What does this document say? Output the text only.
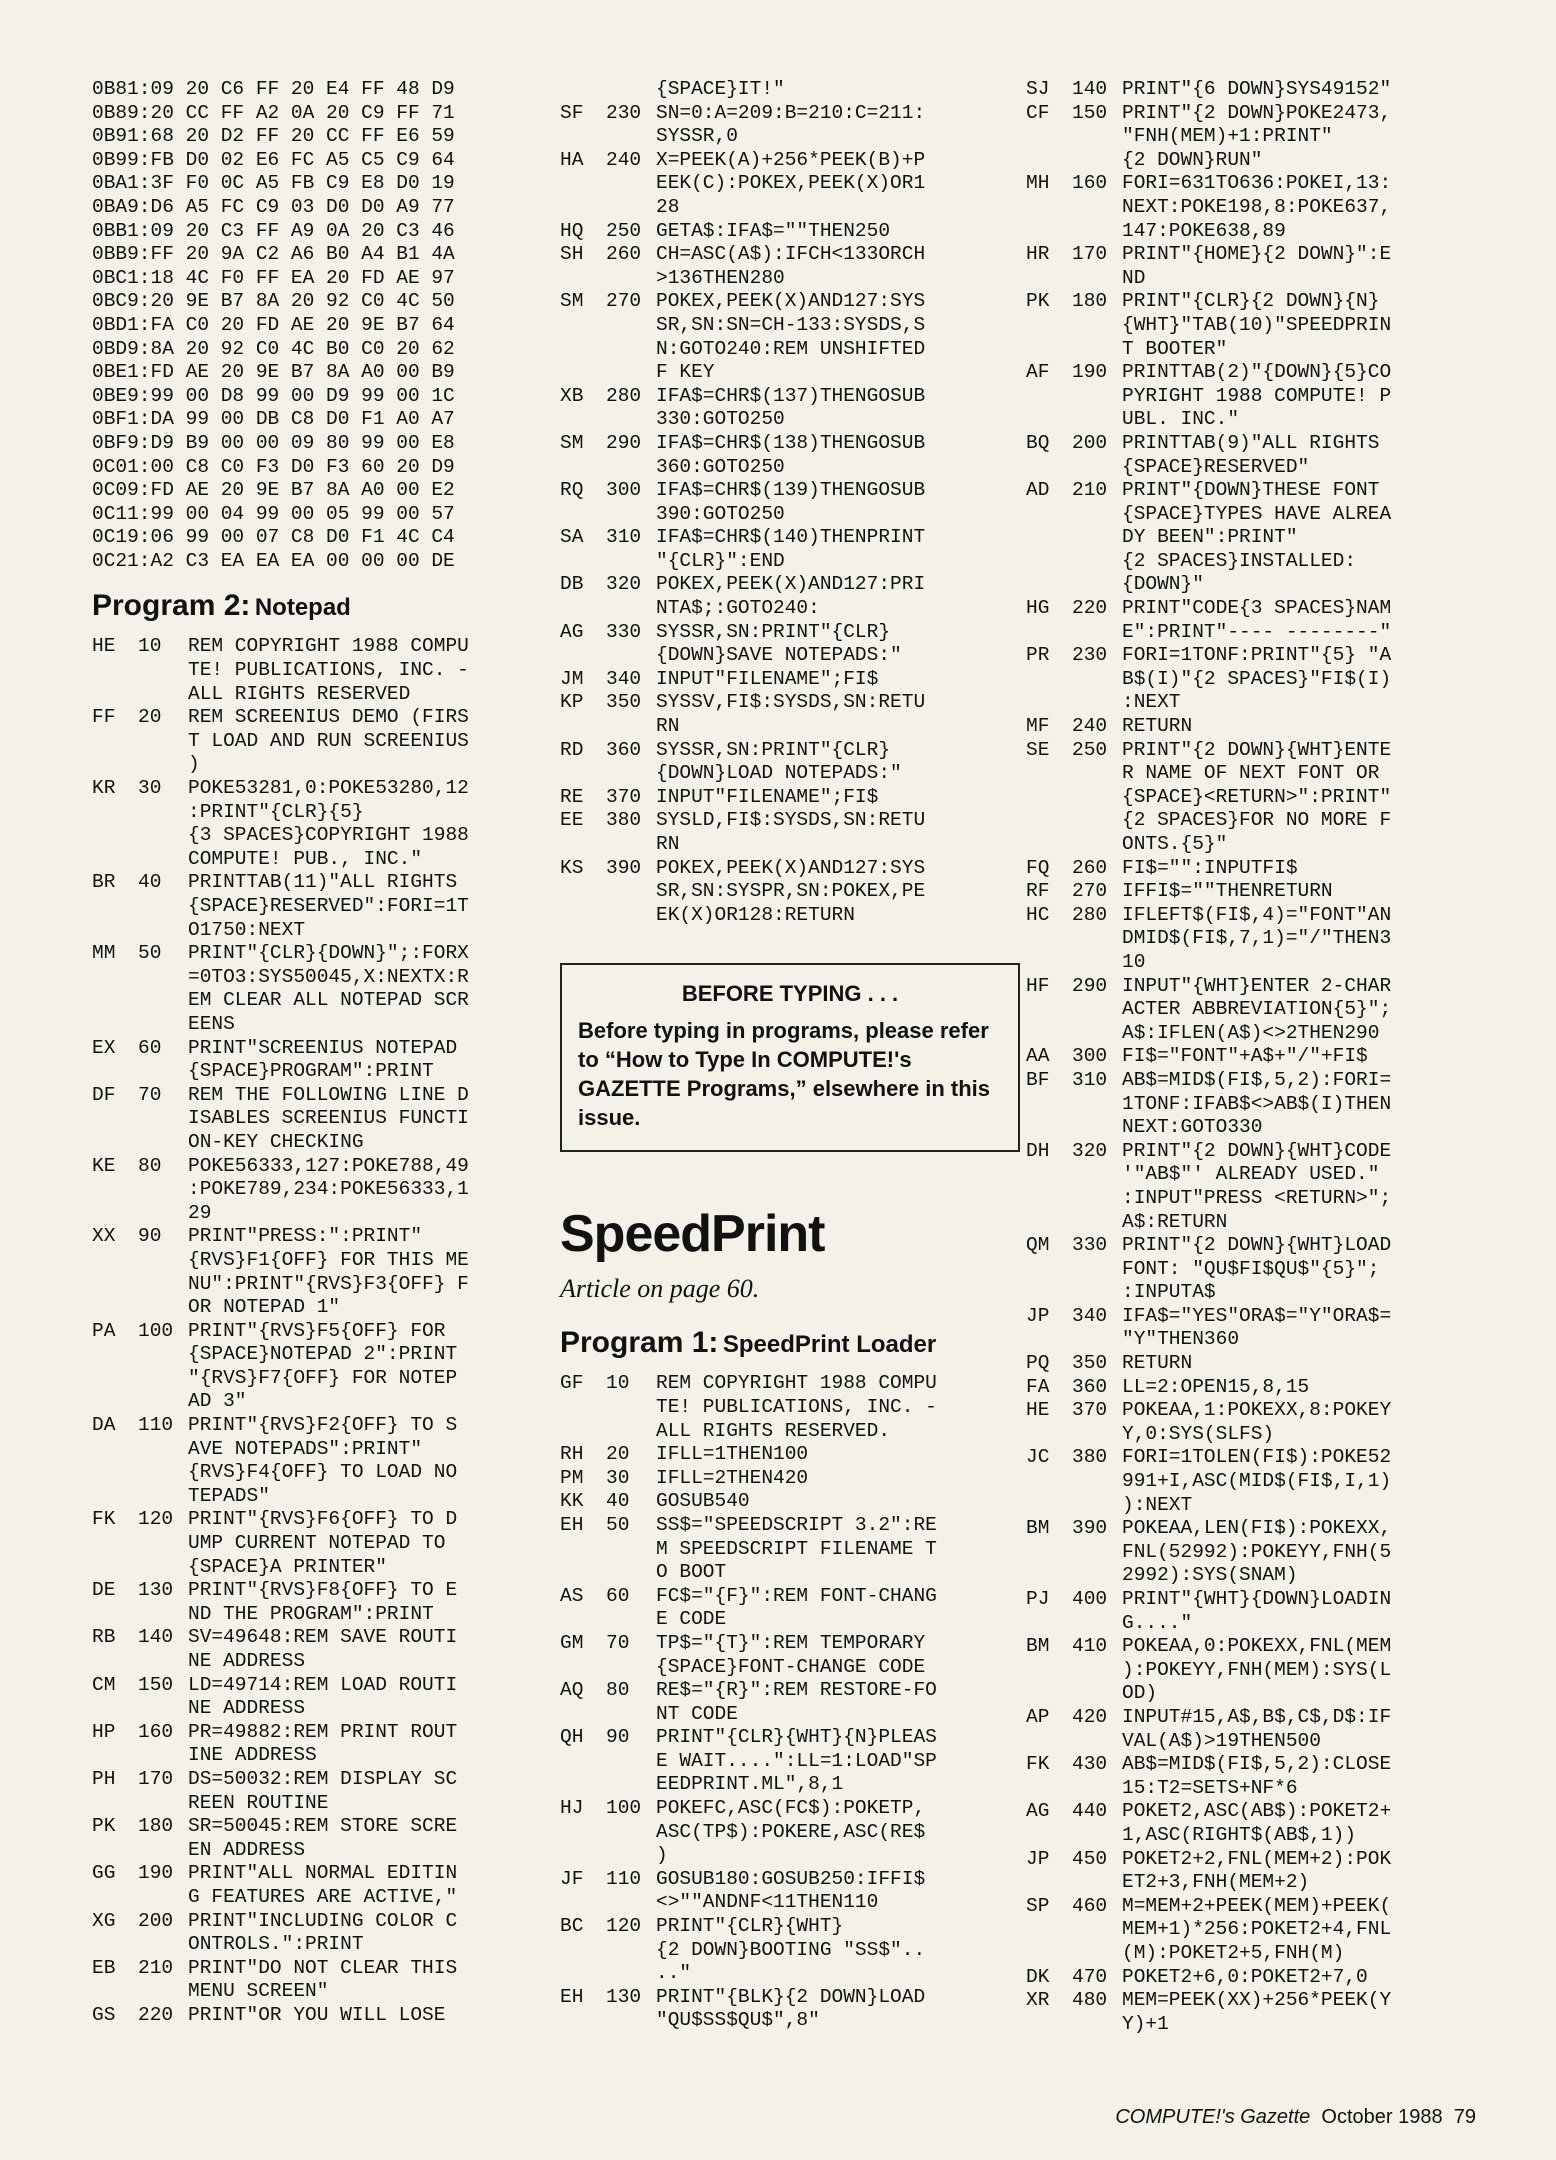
0B81:09 20 C6 FF 20 E4 FF 48 D9
0B89:20 CC FF A2 0A 20 C9 FF 71
0B91:68 20 D2 FF 20 CC FF E6 59
0B99:FB D0 02 E6 FC A5 C5 C9 64
0BA1:3F F0 0C A5 FB C9 E8 D0 19
0BA9:D6 A5 FC C9 03 D0 D0 A9 77
0BB1:09 20 C3 FF A9 0A 20 C3 46
0BB9:FF 20 9A C2 A6 B0 A4 B1 4A
0BC1:18 4C F0 FF EA 20 FD AE 97
0BC9:20 9E B7 8A 20 92 C0 4C 50
0BD1:FA C0 20 FD AE 20 9E B7 64
0BD9:8A 20 92 C0 4C B0 C0 20 62
0BE1:FD AE 20 9E B7 8A A0 00 B9
0BE9:99 00 D8 99 00 D9 99 00 1C
0BF1:DA 99 00 DB C8 D0 F1 A0 A7
0BF9:D9 B9 00 00 09 80 99 00 E8
0C01:00 C8 C0 F3 D0 F3 60 20 D9
0C09:FD AE 20 9E B7 8A A0 00 E2
0C11:99 00 04 99 00 05 99 00 57
0C19:06 99 00 07 C8 D0 F1 4C C4
0C21:A2 C3 EA EA EA 00 00 00 DE
Program 2: Notepad
HE	10	REM COPYRIGHT 1988 COMPU
TE! PUBLICATIONS, INC. -
ALL RIGHTS RESERVED
FF	20	REM SCREENIUS DEMO (FIRS
T LOAD AND RUN SCREENIUS
)
KR	30	POKE53281,0:POKE53280,12
:PRINT"{CLR}{5}
{3 SPACES}COPYRIGHT 1988
COMPUTE! PUB., INC."
BR	40	PRINTTAB(11)"ALL RIGHTS
{SPACE}RESERVED":FORI=1T
O1750:NEXT
MM	50	PRINT"{CLR}{DOWN}";:FORX
=0TO3:SYS50045,X:NEXTX:R
EM CLEAR ALL NOTEPAD SCR
EENS
EX	60	PRINT"SCREENIUS NOTEPAD
{SPACE}PROGRAM":PRINT
DF	70	REM THE FOLLOWING LINE D
ISABLES SCREENIUS FUNCTI
ON-KEY CHECKING
KE	80	POKE56333,127:POKE788,49
:POKE789,234:POKE56333,1
29
XX	90	PRINT"PRESS:":PRINT"
{RVS}F1{OFF} FOR THIS ME
NU":PRINT"{RVS}F3{OFF} F
OR NOTEPAD 1"
PA	100 PRINT"{RVS}F5{OFF} FOR
{SPACE}NOTEPAD 2":PRINT
"{RVS}F7{OFF} FOR NOTEP
AD 3"
DA	110 PRINT"{RVS}F2{OFF} TO S
AVE NOTEPADS":PRINT"
{RVS}F4{OFF} TO LOAD NO
TEPADS"
FK	120 PRINT"{RVS}F6{OFF} TO D
UMP CURRENT NOTEPAD TO
{SPACE}A PRINTER"
DE	130 PRINT"{RVS}F8{OFF} TO E
ND THE PROGRAM":PRINT
RB	140 SV=49648:REM SAVE ROUTI
NE ADDRESS
CM	150 LD=49714:REM LOAD ROUTI
NE ADDRESS
HP	160 PR=49882:REM PRINT ROUT
INE ADDRESS
PH	170 DS=50032:REM DISPLAY SC
REEN ROUTINE
PK	180 SR=50045:REM STORE SCRE
EN ADDRESS
GG	190 PRINT"ALL NORMAL EDITIN
G FEATURES ARE ACTIVE,"
XG	200 PRINT"INCLUDING COLOR C
ONTROLS.":PRINT
EB	210 PRINT"DO NOT CLEAR THIS
MENU SCREEN"
GS	220 PRINT"OR YOU WILL LOSE
{SPACE}IT!"
SF	230 SN=0:A=209:B=210:C=211:
SYSSR,0
HA	240 X=PEEK(A)+256*PEEK(B)+P
EEK(C):POKEX,PEEK(X)OR1
28
HQ	250 GETA$:IFA$=""THEN250
SH	260 CH=ASC(A$):IFCH<133ORCH
>136THEN280
SM	270 POKEX,PEEK(X)AND127:SYS
SR,SN:SN=CH-133:SYSDS,S
N:GOTO240:REM UNSHIFTED
F KEY
XB	280 IFA$=CHR$(137)THENGOSUB
330:GOTO250
SM	290 IFA$=CHR$(138)THENGOSUB
360:GOTO250
RQ	300 IFA$=CHR$(139)THENGOSUB
390:GOTO250
SA	310 IFA$=CHR$(140)THENPRINT
"{CLR}":END
DB	320 POKEX,PEEK(X)AND127:PRI
NTA$;:GOTO240:
AG	330 SYSSR,SN:PRINT"{CLR}
{DOWN}SAVE NOTEPADS:"
JM	340 INPUT"FILENAME";FI$
KP	350 SYSSV,FI$:SYSDS,SN:RETU
RN
RD	360 SYSSR,SN:PRINT"{CLR}
{DOWN}LOAD NOTEPADS:"
RE	370 INPUT"FILENAME";FI$
EE	380 SYSLD,FI$:SYSDS,SN:RETU
RN
KS	390 POKEX,PEEK(X)AND127:SYS
SR,SN:SYSPR,SN:POKEX,PE
EK(X)OR128:RETURN
BEFORE TYPING . . .
Before typing in programs, please refer to “How to Type In COMPUTE!'s GAZETTE Programs,” elsewhere in this issue.
SpeedPrint
Article on page 60.
Program 1: SpeedPrint Loader
GF	10	REM COPYRIGHT 1988 COMPU
TE! PUBLICATIONS, INC. -
ALL RIGHTS RESERVED.
RH	20	IFLL=1THEN100
PM	30	IFLL=2THEN420
KK	40	GOSUB540
EH	50	SS$="SPEEDSCRIPT 3.2":RE
M SPEEDSCRIPT FILENAME T
O BOOT
AS	60	FC$="{F}":REM FONT-CHANG
E CODE
GM	70	TP$="{T}":REM TEMPORARY
{SPACE}FONT-CHANGE CODE
AQ	80	RE$="{R}":REM RESTORE-FO
NT CODE
QH	90	PRINT"{CLR}{WHT}{N}PLEAS
E WAIT....":LL=1:LOAD"SP
EEDPRINT.ML",8,1
HJ	100 POKEFC,ASC(FC$):POKETP,
ASC(TP$):POKERE,ASC(RE$
)
JF	110 GOSUB180:GOSUB250:IFFI$
<>""ANDNF<11THEN110
BC	120 PRINT"{CLR}{WHT}
{2 DOWN}BOOTING "SS$"..
.."
EH	130 PRINT"{BLK}{2 DOWN}LOAD
"QU$SS$QU$",8"
SJ	140 PRINT"{6 DOWN}SYS49152"
CF	150 PRINT"{2 DOWN}POKE2473,
"FNH(MEM)+1:PRINT"
{2 DOWN}RUN"
MH	160 FORI=631TO636:POKEI,13:
NEXT:POKE198,8:POKE637,
147:POKE638,89
HR	170 PRINT"{HOME}{2 DOWN}":E
ND
PK	180 PRINT"{CLR}{2 DOWN}{N}
{WHT}"TAB(10)"SPEEDPRIN
T BOOTER"
AF	190 PRINTTAB(2)"{DOWN}{5}CO
PYRIGHT 1988 COMPUTE! P
UBL. INC."
BQ	200 PRINTTAB(9)"ALL RIGHTS
{SPACE}RESERVED"
AD	210 PRINT"{DOWN}THESE FONT
{SPACE}TYPES HAVE ALREA
DY BEEN":PRINT"
{2 SPACES}INSTALLED:
{DOWN}"
HG	220 PRINT"CODE{3 SPACES}NAM
E":PRINT"---- --------"
PR	230 FORI=1TONF:PRINT"{5} "A
B$(I)"{2 SPACES}"FI$(I)
:NEXT
MF	240 RETURN
SE	250 PRINT"{2 DOWN}{WHT}ENTE
R NAME OF NEXT FONT OR
{SPACE}<RETURN>":PRINT"
{2 SPACES}FOR NO MORE F
ONTS.{5}"
FQ	260 FI$="":INPUTFI$
RF	270 IFFI$=""THENRETURN
HC	280 IFLEFT$(FI$,4)="FONT"AN
DMID$(FI$,7,1)="/"THEN3
10
HF	290 INPUT"{WHT}ENTER 2-CHAR
ACTER ABBREVIATION{5}";
A$:IFLEN(A$)<>2THEN290
AA	300 FI$="FONT"+A$+"/"+FI$
BF	310 AB$=MID$(FI$,5,2):FORI=
1TONF:IFAB$<>AB$(I)THEN
NEXT:GOTO330
DH	320 PRINT"{2 DOWN}{WHT}CODE
'"AB$"' ALREADY USED."
:INPUT"PRESS <RETURN>";
A$:RETURN
QM	330 PRINT"{2 DOWN}{WHT}LOAD
FONT: "QU$FI$QU$"{5}";
:INPUTA$
JP	340 IFA$="YES"ORA$="Y"ORA$=
"Y"THEN360
PQ	350 RETURN
FA	360 LL=2:OPEN15,8,15
HE	370 POKEAA,1:POKEXX,8:POKEY
Y,0:SYS(SLFS)
JC	380 FORI=1TOLEN(FI$):POKE52
991+I,ASC(MID$(FI$,I,1)
):NEXT
BM	390 POKEAA,LEN(FI$):POKEXX,
FNL(52992):POKEYY,FNH(5
2992):SYS(SNAM)
PJ	400 PRINT"{WHT}{DOWN}LOADIN
G...."
BM	410 POKEAA,0:POKEXX,FNL(MEM
):POKEYY,FNH(MEM):SYS(L
OD)
AP	420 INPUT#15,A$,B$,C$,D$:IF
VAL(A$)>19THEN500
FK	430 AB$=MID$(FI$,5,2):CLOSE
15:T2=SETS+NF*6
AG	440 POKET2,ASC(AB$):POKET2+
1,ASC(RIGHT$(AB$,1))
JP	450 POKET2+2,FNL(MEM+2):POK
ET2+3,FNH(MEM+2)
SP	460 M=MEM+2+PEEK(MEM)+PEEK(
MEM+1)*256:POKET2+4,FNL
(M):POKET2+5,FNH(M)
DK	470 POKET2+6,0:POKET2+7,0
XR	480 MEM=PEEK(XX)+256*PEEK(Y
Y)+1
COMPUTE!'s Gazette October 1988 79
